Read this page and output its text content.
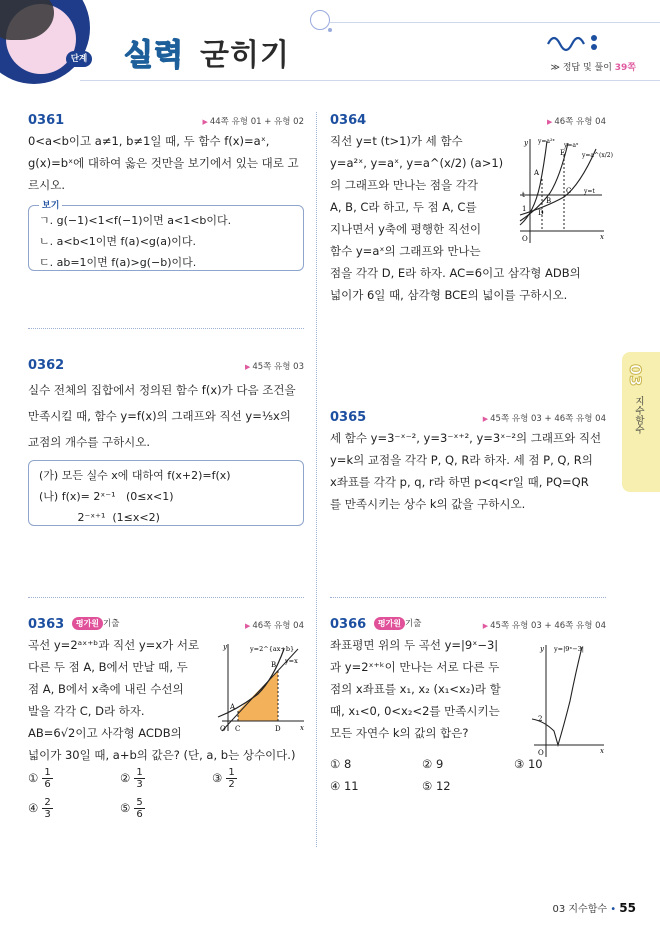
단계 실력 굳히기	≫ 정답 및 풀이 39쪽
0361	▶ 44쪽 유형 01 + 유형 02
0<a<b이고 a≠1, b≠1일 때, 두 함수 f(x)=aˣ,
g(x)=bˣ에 대하여 옳은 것만을 보기에서 있는 대로 고
르시오.
보기
ㄱ. g(−1)<1<f(−1)이면 a<1<b이다.
ㄴ. a<b<1이면 f(a)<g(a)이다.
ㄷ. ab=1이면 f(a)>g(−b)이다.
0362	▶ 45쪽 유형 03
실수 전체의 집합에서 정의된 함수 f(x)가 다음 조건을
만족시킬 때, 함수 y=f(x)의 그래프와 직선 y=⅕x의
교점의 개수를 구하시오.
(가) 모든 실수 x에 대하여 f(x+2)=f(x)
(나) f(x)= 2ˣ⁻¹   (0≤x<1)
2⁻ˣ⁺¹  (1≤x<2)
0363 평가원 기출	▶ 46쪽 유형 04
곡선 y=2ᵃˣ⁺ᵇ과 직선 y=x가 서로
다른 두 점 A, B에서 만날 때, 두
점 A, B에서 x축에 내린 수선의
발을 각각 C, D라 하자.
AB=6√2이고 사각형 ACDB의
넓이가 30일 때, a+b의 값은? (단, a, b는 상수이다.)
y
x
y=2^{ax+b}
y=x
A
B
O C	D
① $\frac{1}{6}$	② $\frac{1}{3}$	③ $\frac{1}{2}$
④ $\frac{2}{3}$	⑤ $\frac{5}{6}$
0364	▶ 46쪽 유형 04
직선 y=t (t>1)가 세 함수
y=a²ˣ, y=aˣ, y=a^(x/2) (a>1)
의 그래프와 만나는 점을 각각
A, B, C라 하고, 두 점 A, C를
지나면서 y축에 평행한 직선이
함수 y=aˣ의 그래프와 만나는
점을 각각 D, E라 하자. AC=6이고 삼각형 ADB의
넓이가 6일 때, 삼각형 BCE의 넓이를 구하시오.
y
x
y=a²ˣ
y=aˣ
y=a^(x/2)
y=t
A
B
C
D
E
t
1
O
0365	▶ 45쪽 유형 03 + 46쪽 유형 04
세 함수 y=3⁻ˣ⁻², y=3⁻ˣ⁺², y=3ˣ⁻²의 그래프와 직선
y=k의 교점을 각각 P, Q, R라 하자. 세 점 P, Q, R의
x좌표를 각각 p, q, r라 하면 p<q<r일 때, PQ=QR
를 만족시키는 상수 k의 값을 구하시오.
0366 평가원 기출	▶ 45쪽 유형 03 + 46쪽 유형 04
좌표평면 위의 두 곡선 y=|9ˣ−3|
과 y=2ˣ⁺ᵏ이 만나는 서로 다른 두
점의 x좌표를 x₁, x₂ (x₁<x₂)라 할
때, x₁<0, 0<x₂<2를 만족시키는
모든 자연수 k의 값의 합은?
y=|9ˣ−3|
2
O	x
y
① 8	② 9	③ 10
④ 11	⑤ 12
03
지수함수
03 지수함수 • 55
